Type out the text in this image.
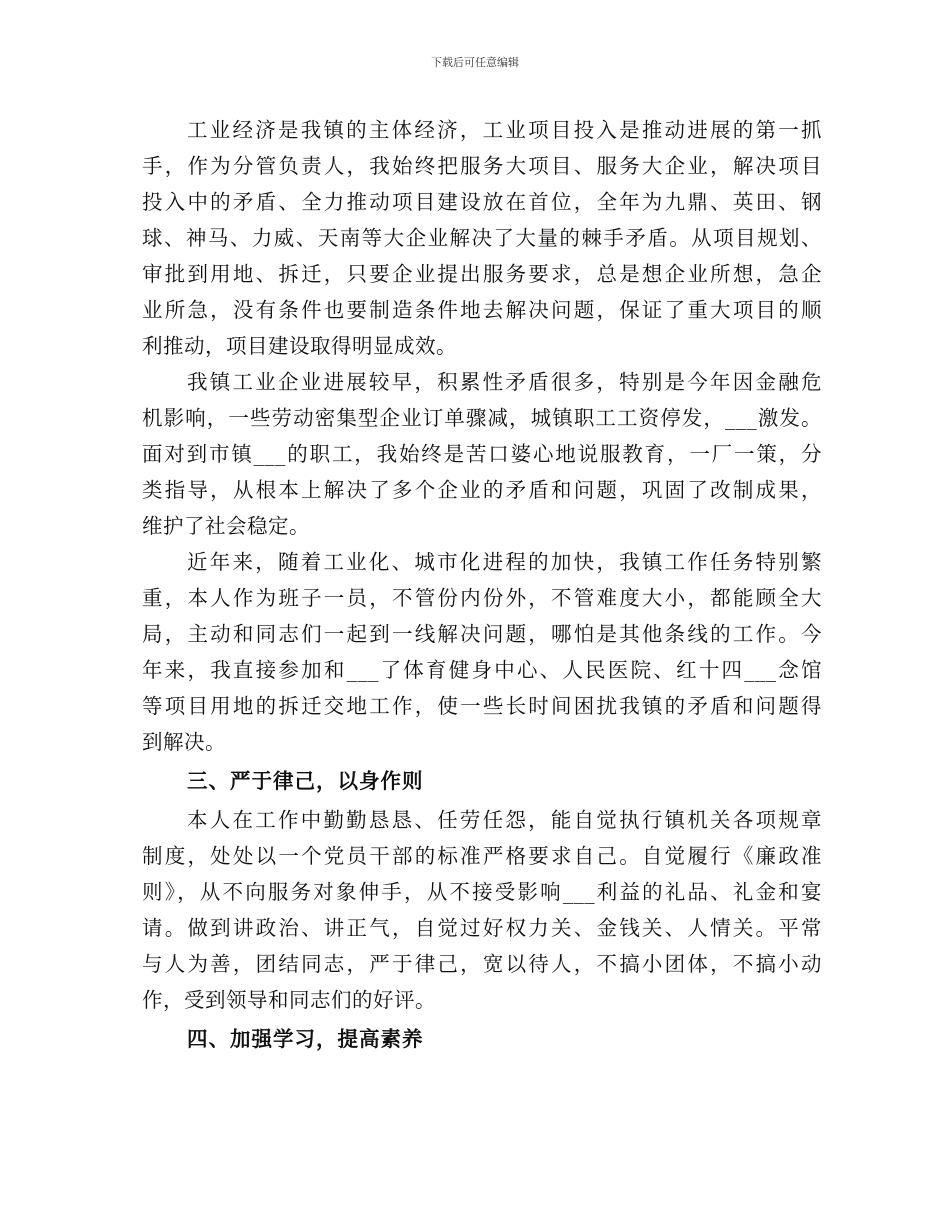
下载后可任意编辑
工业经济是我镇的主体经济，工业项目投入是推动进展的第一抓
手，作为分管负责人，我始终把服务大项目、服务大企业，解决项目
投入中的矛盾、全力推动项目建设放在首位，全年为九鼎、英田、钢
球、神马、力威、天南等大企业解决了大量的棘手矛盾。从项目规划、
审批到用地、拆迁，只要企业提出服务要求，总是想企业所想，急企
业所急，没有条件也要制造条件地去解决问题，保证了重大项目的顺
利推动，项目建设取得明显成效。
我镇工业企业进展较早，积累性矛盾很多，特别是今年因金融危
机影响，一些劳动密集型企业订单骤减，城镇职工工资停发，___激发。
面对到市镇___的职工，我始终是苦口婆心地说服教育，一厂一策，分
类指导，从根本上解决了多个企业的矛盾和问题，巩固了改制成果，
维护了社会稳定。
近年来，随着工业化、城市化进程的加快，我镇工作任务特别繁
重，本人作为班子一员，不管份内份外，不管难度大小，都能顾全大
局，主动和同志们一起到一线解决问题，哪怕是其他条线的工作。今
年来，我直接参加和___了体育健身中心、人民医院、红十四___念馆
等项目用地的拆迁交地工作，使一些长时间困扰我镇的矛盾和问题得
到解决。
三、严于律己，以身作则
本人在工作中勤勤恳恳、任劳任怨，能自觉执行镇机关各项规章
制度，处处以一个党员干部的标准严格要求自己。自觉履行《廉政准
则》，从不向服务对象伸手，从不接受影响___利益的礼品、礼金和宴
请。做到讲政治、讲正气，自觉过好权力关、金钱关、人情关。平常
与人为善，团结同志，严于律己，宽以待人，不搞小团体，不搞小动
作，受到领导和同志们的好评。
四、加强学习，提高素养
